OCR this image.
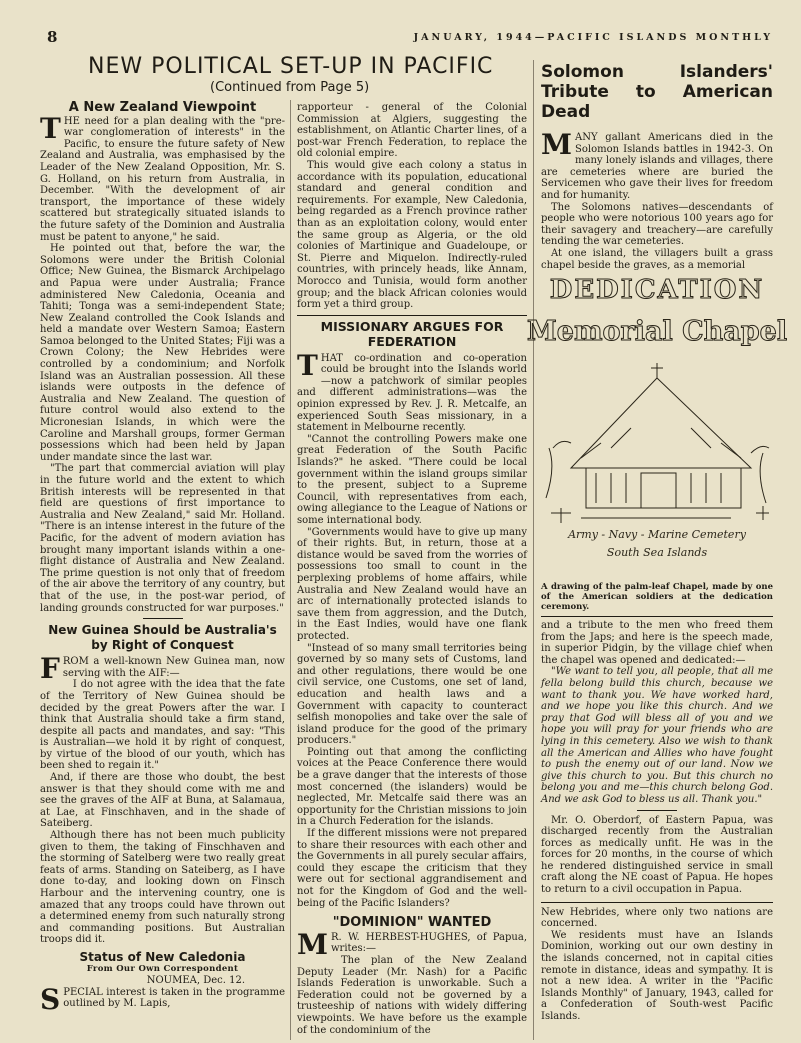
8	JANUARY, 1944—PACIFIC ISLANDS MONTHLY
NEW POLITICAL SET-UP IN PACIFIC
(Continued from Page 5)
A New Zealand Viewpoint

THE need for a plan dealing with the "pre-war conglomeration of interests" in the Pacific, to ensure the future safety of New Zealand and Australia, was emphasised by the Leader of the New Zealand Opposition, Mr. S. G. Holland, on his return from Australia, in December. "With the development of air transport, the importance of these widely scattered but strategically situated islands to the future safety of the Dominion and Australia must be patent to anyone," he said.

He pointed out that, before the war, the Solomons were under the British Colonial Office; New Guinea, the Bismarck Archipelago and Papua were under Australia; France administered New Caledonia, Oceania and Tahiti; Tonga was a semi-independent State; New Zealand controlled the Cook Islands and held a mandate over Western Samoa; Eastern Samoa belonged to the United States; Fiji was a Crown Colony; the New Hebrides were controlled by a condominium; and Norfolk Island was an Australian possession. All these islands were outposts in the defence of Australia and New Zealand. The question of future control would also extend to the Micronesian Islands, in which were the Caroline and Marshall groups, former German possessions which had been held by Japan under mandate since the last war.

"The part that commercial aviation will play in the future world and the extent to which British interests will be represented in that field are questions of first importance to Australia and New Zealand," said Mr. Holland. "There is an intense interest in the future of the Pacific, for the advent of modern aviation has brought many important islands within a one-flight distance of Australia and New Zealand. The prime question is not only that of freedom of the air above the territory of any country, but that of the use, in the post-war period, of landing grounds constructed for war purposes."

New Guinea Should be Australia's by Right of Conquest

FROM a well-known New Guinea man, now serving with the AIF:—

I do not agree with the idea that the fate of the Territory of New Guinea should be decided by the great Powers after the war. I think that Australia should take a firm stand, despite all pacts and mandates, and say: "This is Australian—we hold it by right of conquest, by virtue of the blood of our youth, which has been shed to regain it."

And, if there are those who doubt, the best answer is that they should come with me and see the graves of the AIF at Buna, at Salamaua, at Lae, at Finschhaven, and in the shade of Sateiberg.

Although there has not been much publicity given to them, the taking of Finschhaven and the storming of Satelberg were two really great feats of arms. Standing on Sateiberg, as I have done to-day, and looking down on Finsch Harbour and the intervening country, one is amazed that any troops could have thrown out a determined enemy from such naturally strong and commanding positions. But Australian troops did it.

Status of New Caledonia
From Our Own Correspondent
NOUMEA, Dec. 12.

SPECIAL interest is taken in the programme outlined by M. Lapis,

rapporteur - general of the Colonial Commission at Algiers, suggesting the establishment, on Atlantic Charter lines, of a post-war French Federation, to replace the old colonial empire.

This would give each colony a status in accordance with its population, educational standard and general condition and requirements. For example, New Caledonia, being regarded as a French province rather than as an exploitation colony, would enter the same group as Algeria, or the old colonies of Martinique and Guadeloupe, or St. Pierre and Miquelon. Indirectly-ruled countries, with princely heads, like Annam, Morocco and Tunisia, would form another group; and the black African colonies would form yet a third group.

MISSIONARY ARGUES FOR FEDERATION

THAT co-ordination and co-operation could be brought into the Islands world—now a patchwork of similar peoples and different administrations—was the opinion expressed by Rev. J. R. Metcalfe, an experienced South Seas missionary, in a statement in Melbourne recently.

"Cannot the controlling Powers make one great Federation of the South Pacific Islands?" he asked. "There could be local government within the island groups similar to the present, subject to a Supreme Council, with representatives from each, owing allegiance to the League of Nations or some international body.

"Governments would have to give up many of their rights. But, in return, those at a distance would be saved from the worries of possessions too small to count in the perplexing problems of home affairs, while Australia and New Zealand would have an arc of internationally protected islands to save them from aggression, and the Dutch, in the East Indies, would have one flank protected.

"Instead of so many small territories being governed by so many sets of Customs, land and other regulations, there would be one civil service, one Customs, one set of land, education and health laws and a Government with capacity to counteract selfish monopolies and take over the sale of island produce for the good of the primary producers."

Pointing out that among the conflicting voices at the Peace Conference there would be a grave danger that the interests of those most concerned (the islanders) would be neglected, Mr. Metcalfe said there was an opportunity for the Christian missions to join in a Church Federation for the islands.

If the different missions were not prepared to share their resources with each other and the Governments in all purely secular affairs, could they escape the criticism that they were out for sectional aggrandisement and not for the Kingdom of God and the well-being of the Pacific Islanders?

"DOMINION" WANTED

M R. W. HERBEST-HUGHES, of Papua, writes:—

The plan of the New Zealand Deputy Leader (Mr. Nash) for a Pacific Islands Federation is unworkable. Such a Federation could not be governed by a trusteeship of nations with widely differing viewpoints. We have before us the example of the condominium of the

Solomon Islanders' Tribute to American Dead

MANY gallant Americans died in the Solomon Islands battles in 1942-3. On many lonely islands and villages, there are cemeteries where are buried the Servicemen who gave their lives for freedom and for humanity.

The Solomons natives—descendants of people who were notorious 100 years ago for their savagery and treachery—are carefully tending the war cemeteries.

At one island, the villagers built a grass chapel beside the graves, as a memorial

DEDICATION
Memorial Chapel
Army - Navy - Marine Cemetery
South Sea Islands
A drawing of the palm-leaf Chapel, made by one of the American soldiers at the dedication ceremony.

and a tribute to the men who freed them from the Japs; and here is the speech made, in superior Pidgin, by the village chief when the chapel was opened and dedicated:—

"We want to tell you, all people, that all me fella belong build this church, because we want to thank you. We have worked hard, and we hope you like this church. And we pray that God will bless all of you and we hope you will pray for your friends who are lying in this cemetery. Also we wish to thank all the American and Allies who have fought to push the enemy out of our land. Now we give this church to you. But this church no belong you and me—this church belong God. And we ask God to bless us all. Thank you."

Mr. O. Oberdorf, of Eastern Papua, was discharged recently from the Australian forces as medically unfit. He was in the forces for 20 months, in the course of which he rendered distinguished service in small craft along the NE coast of Papua. He hopes to return to a civil occupation in Papua.

New Hebrides, where only two nations are concerned.

We residents must have an Islands Dominion, working out our own destiny in the islands concerned, not in capital cities remote in distance, ideas and sympathy. It is not a new idea. A writer in the "Pacific Islands Monthly" of January, 1943, called for a Confederation of South-west Pacific Islands.
